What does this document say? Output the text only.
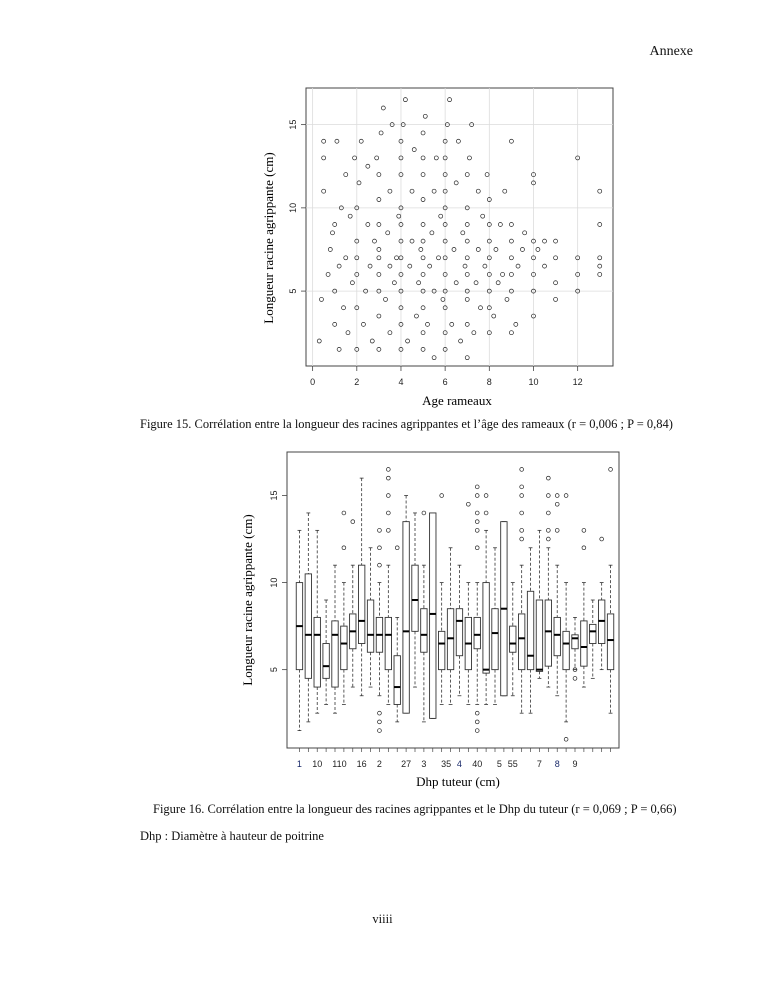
Annexe
0	2	4	6	8	10	12
5
10
15
Age rameaux
Longueur racine agrippante (cm)
Figure 15. Corrélation entre la longueur des racines agrippantes et l’âge des rameaux (r = 0,006 ; P = 0,84)
5
10
15
1 10 110 16 2 27 3 35 4 40 5 55 7 8 9
Dhp tuteur (cm)
Longueur racine agrippante (cm)
Figure 16. Corrélation entre la longueur des racines agrippantes et le Dhp du tuteur (r = 0,069 ; P = 0,66)
Dhp : Diamètre à hauteur de poitrine
viiii
